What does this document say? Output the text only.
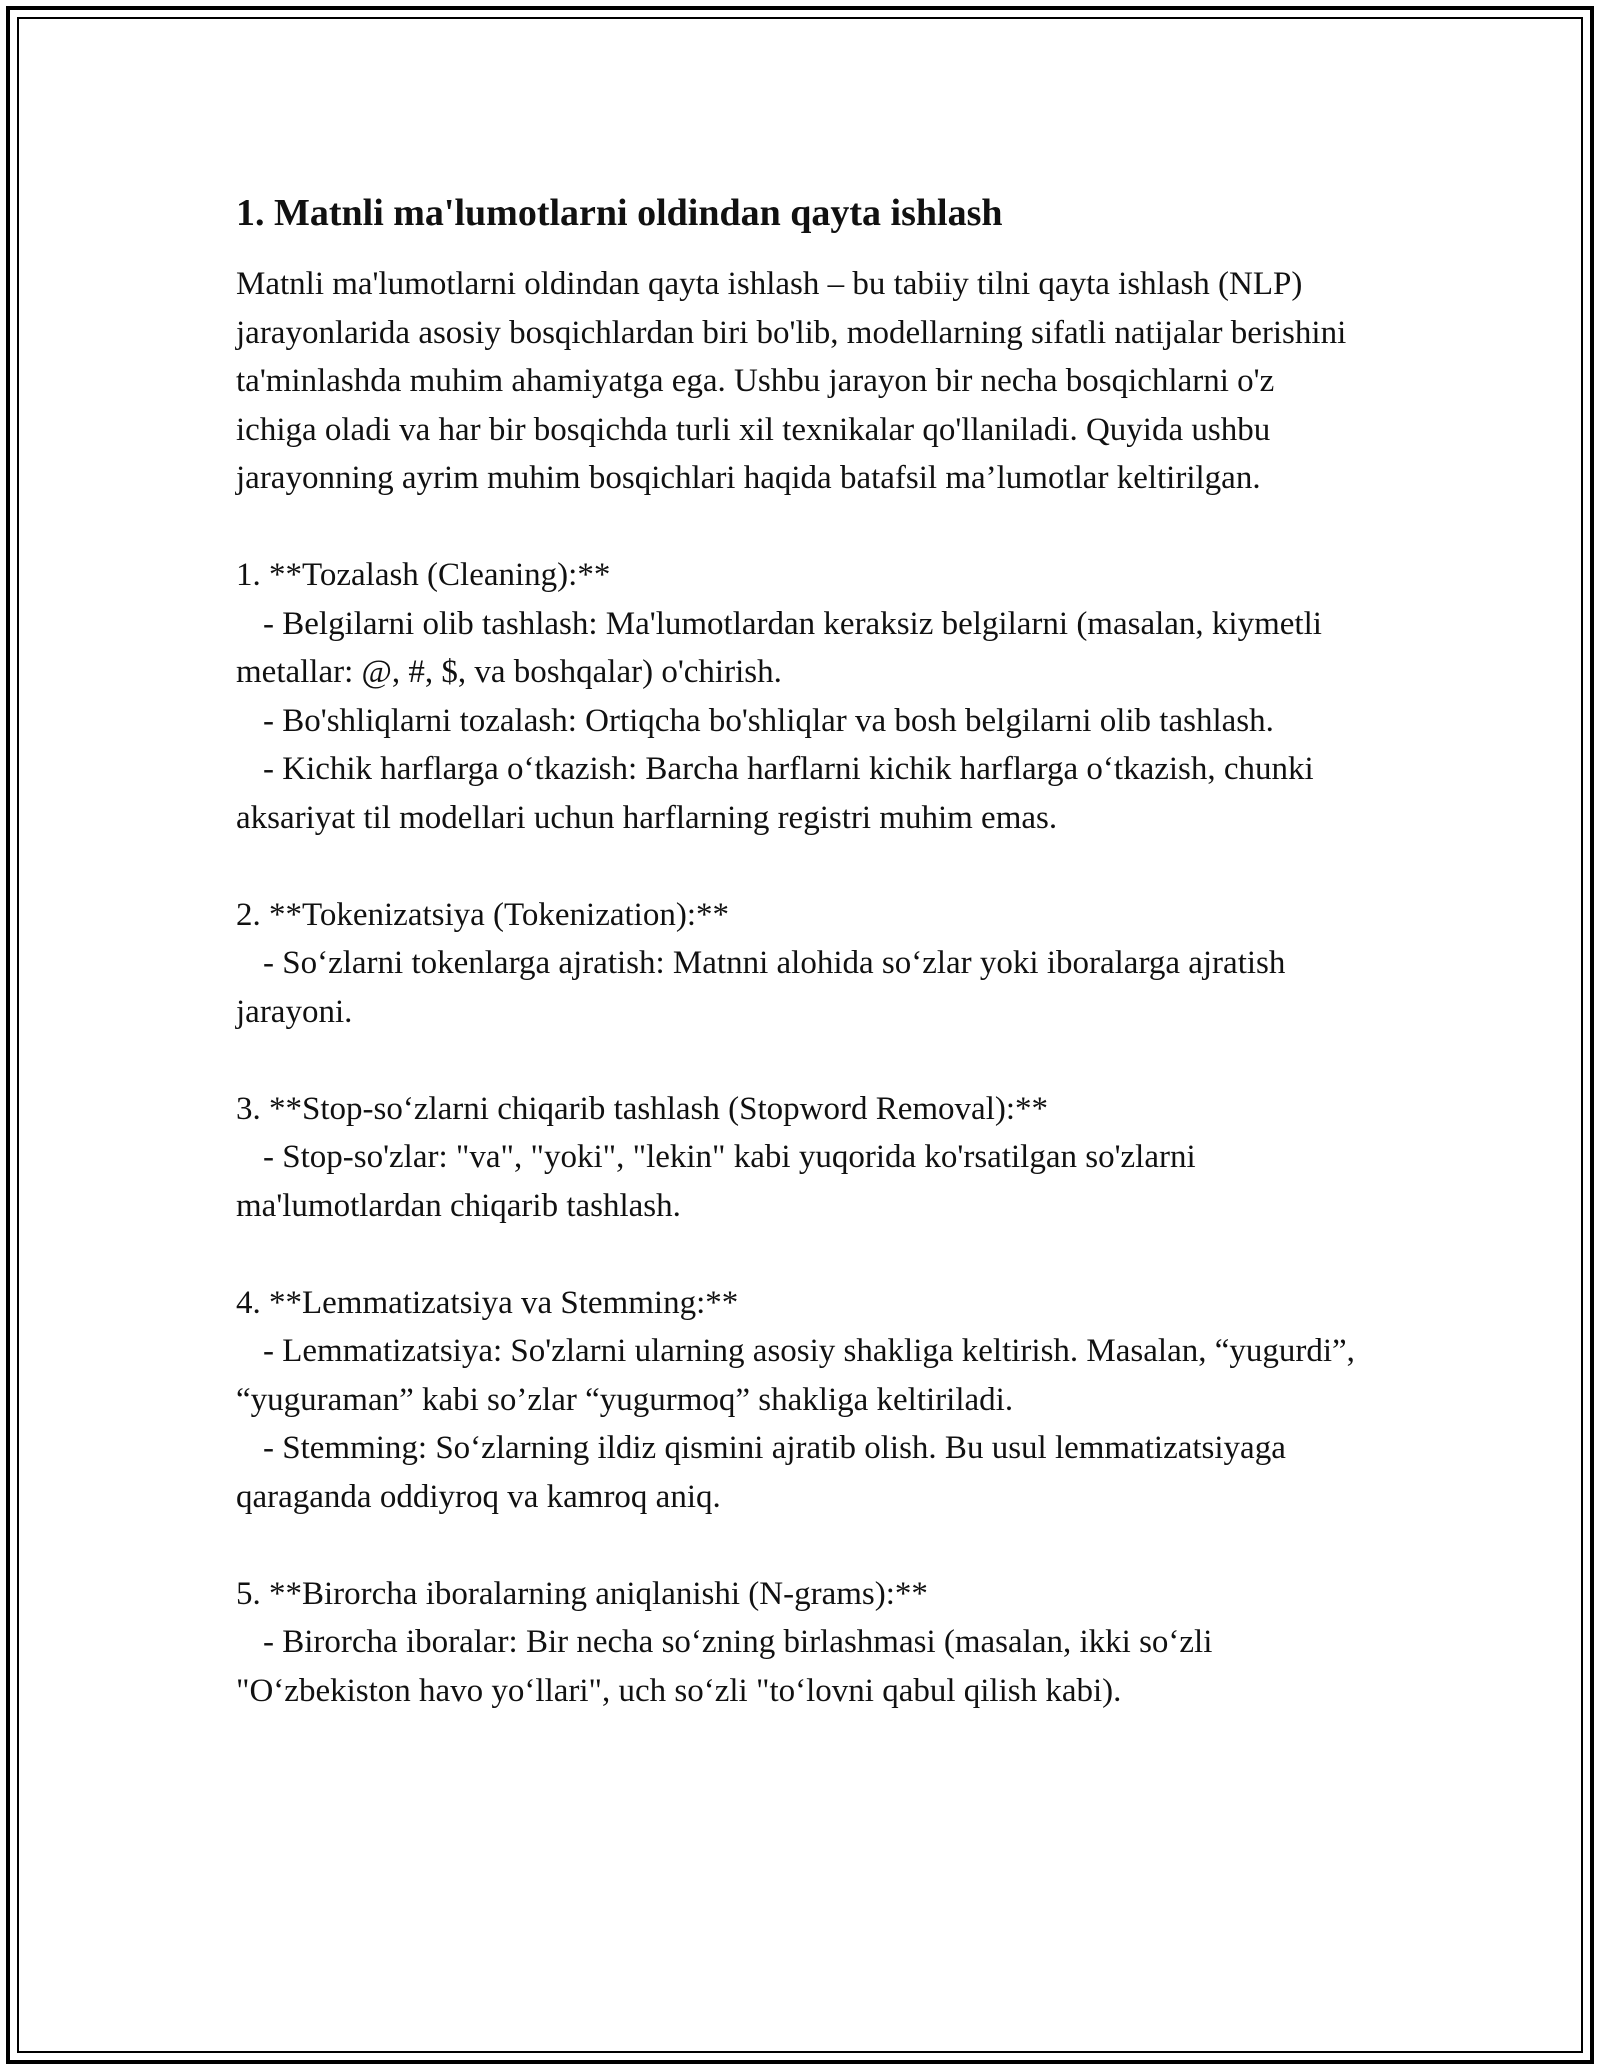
1. Matnli ma'lumotlarni oldindan qayta ishlash

Matnli ma'lumotlarni oldindan qayta ishlash – bu tabiiy tilni qayta ishlash (NLP) jarayonlarida asosiy bosqichlardan biri bo'lib, modellarning sifatli natijalar berishini ta'minlashda muhim ahamiyatga ega. Ushbu jarayon bir necha bosqichlarni o'z ichiga oladi va har bir bosqichda turli xil texnikalar qo'llaniladi. Quyida ushbu jarayonning ayrim muhim bosqichlari haqida batafsil ma’lumotlar keltirilgan.

1. **Tozalash (Cleaning):**
- Belgilarni olib tashlash: Ma'lumotlardan keraksiz belgilarni (masalan, kiymetli metallar: @, #, $, va boshqalar) o'chirish.
- Bo'shliqlarni tozalash: Ortiqcha bo'shliqlar va bosh belgilarni olib tashlash.
- Kichik harflarga o‘tkazish: Barcha harflarni kichik harflarga o‘tkazish, chunki aksariyat til modellari uchun harflarning registri muhim emas.
2. **Tokenizatsiya (Tokenization):**
- So‘zlarni tokenlarga ajratish: Matnni alohida so‘zlar yoki iboralarga ajratish jarayoni.
3. **Stop-so‘zlarni chiqarib tashlash (Stopword Removal):**
- Stop-so'zlar: "va", "yoki", "lekin" kabi yuqorida ko'rsatilgan so'zlarni ma'lumotlardan chiqarib tashlash.
4. **Lemmatizatsiya va Stemming:**
- Lemmatizatsiya: So'zlarni ularning asosiy shakliga keltirish. Masalan, “yugurdi”, “yuguraman” kabi so’zlar “yugurmoq” shakliga keltiriladi.
- Stemming: So‘zlarning ildiz qismini ajratib olish. Bu usul lemmatizatsiyaga qaraganda oddiyroq va kamroq aniq.
5. **Birorcha iboralarning aniqlanishi (N-grams):**
- Birorcha iboralar: Bir necha so‘zning birlashmasi (masalan, ikki so‘zli "O‘zbekiston havo yo‘llari", uch so‘zli "to‘lovni qabul qilish kabi).
